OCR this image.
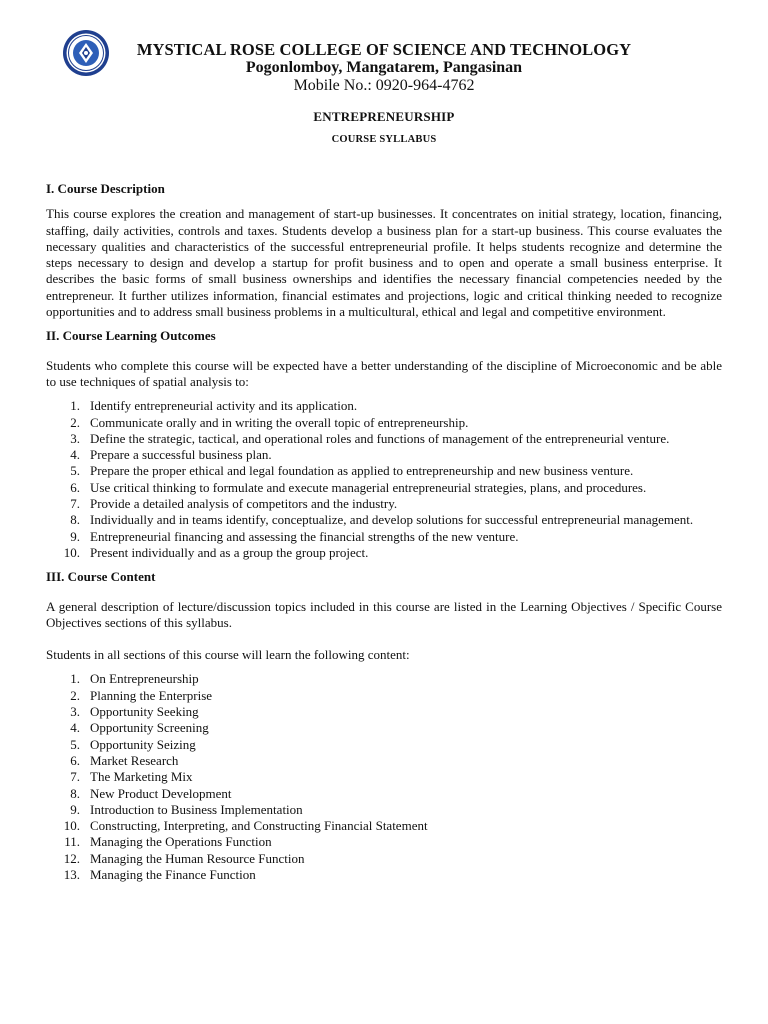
MYSTICAL ROSE COLLEGE OF SCIENCE AND TECHNOLOGY
Pogonlomboy, Mangatarem, Pangasinan
Mobile No.: 0920-964-4762
ENTREPRENEURSHIP
COURSE SYLLABUS
I. Course Description

This course explores the creation and management of start-up businesses. It concentrates on initial strategy, location, financing, staffing, daily activities, controls and taxes. Students develop a business plan for a start-up business. This course evaluates the necessary qualities and characteristics of the successful entrepreneurial profile. It helps students recognize and determine the steps necessary to design and develop a startup for profit business and to open and operate a small business enterprise. It describes the basic forms of small business ownerships and identifies the necessary financial competencies needed by the entrepreneur. It further utilizes information, financial estimates and projections, logic and critical thinking needed to recognize opportunities and to address small business problems in a multicultural, ethical and legal and competitive environment.

II. Course Learning Outcomes

Students who complete this course will be expected have a better understanding of the discipline of Microeconomic and be able to use techniques of spatial analysis to:

1. Identify entrepreneurial activity and its application.
2. Communicate orally and in writing the overall topic of entrepreneurship.
3. Define the strategic, tactical, and operational roles and functions of management of the entrepreneurial venture.
4. Prepare a successful business plan.
5. Prepare the proper ethical and legal foundation as applied to entrepreneurship and new business venture.
6. Use critical thinking to formulate and execute managerial entrepreneurial strategies, plans, and procedures.
7. Provide a detailed analysis of competitors and the industry.
8. Individually and in teams identify, conceptualize, and develop solutions for successful entrepreneurial management.
9. Entrepreneurial financing and assessing the financial strengths of the new venture.
10. Present individually and as a group the group project.
III. Course Content

A general description of lecture/discussion topics included in this course are listed in the Learning Objectives / Specific Course Objectives sections of this syllabus.

Students in all sections of this course will learn the following content:

1. On Entrepreneurship
2. Planning the Enterprise
3. Opportunity Seeking
4. Opportunity Screening
5. Opportunity Seizing
6. Market Research
7. The Marketing Mix
8. New Product Development
9. Introduction to Business Implementation
10. Constructing, Interpreting, and Constructing Financial Statement
11. Managing the Operations Function
12. Managing the Human Resource Function
13. Managing the Finance Function
